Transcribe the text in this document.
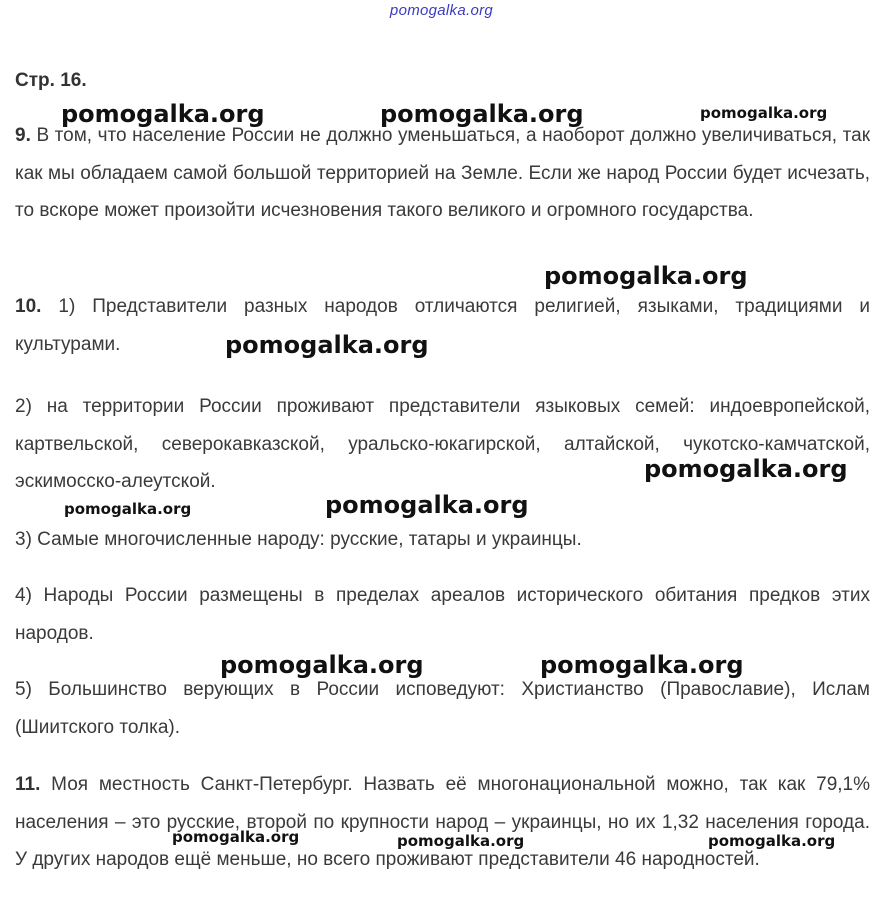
pomogalka.org
Стр. 16.

9. В том, что население России не должно уменьшаться, а наоборот должно увеличиваться, так как мы обладаем самой большой территорией на Земле. Если же народ России будет исчезать, то вскоре может произойти исчезновения такого великого и огромного государства.

10. 1) Представители разных народов отличаются религией, языками, традициями и культурами.

2) на территории России проживают представители языковых семей: индоевропейской, картвельской, северокавказской, уральско-юкагирской, алтайской, чукотско-камчатской, эскимосско-алеутской.

3) Самые многочисленные народу: русские, татары и украинцы.

4) Народы России размещены в пределах ареалов исторического обитания предков этих народов.

5) Большинство верующих в России исповедуют: Христианство (Православие), Ислам (Шиитского толка).

11. Моя местность Санкт-Петербург. Назвать её многонациональной можно, так как 79,1% населения – это русские, второй по крупности народ – украинцы, но их 1,32 населения города. У других народов ещё меньше, но всего проживают представители 46 народностей.

pomogalka.org	pomogalka.org	pomogalka.org
pomogalka.org
pomogalka.org
pomogalka.org
pomogalka.org	pomogalka.org
pomogalka.org	pomogalka.org
pomogalka.org	pomogalka.org	pomogalka.org
